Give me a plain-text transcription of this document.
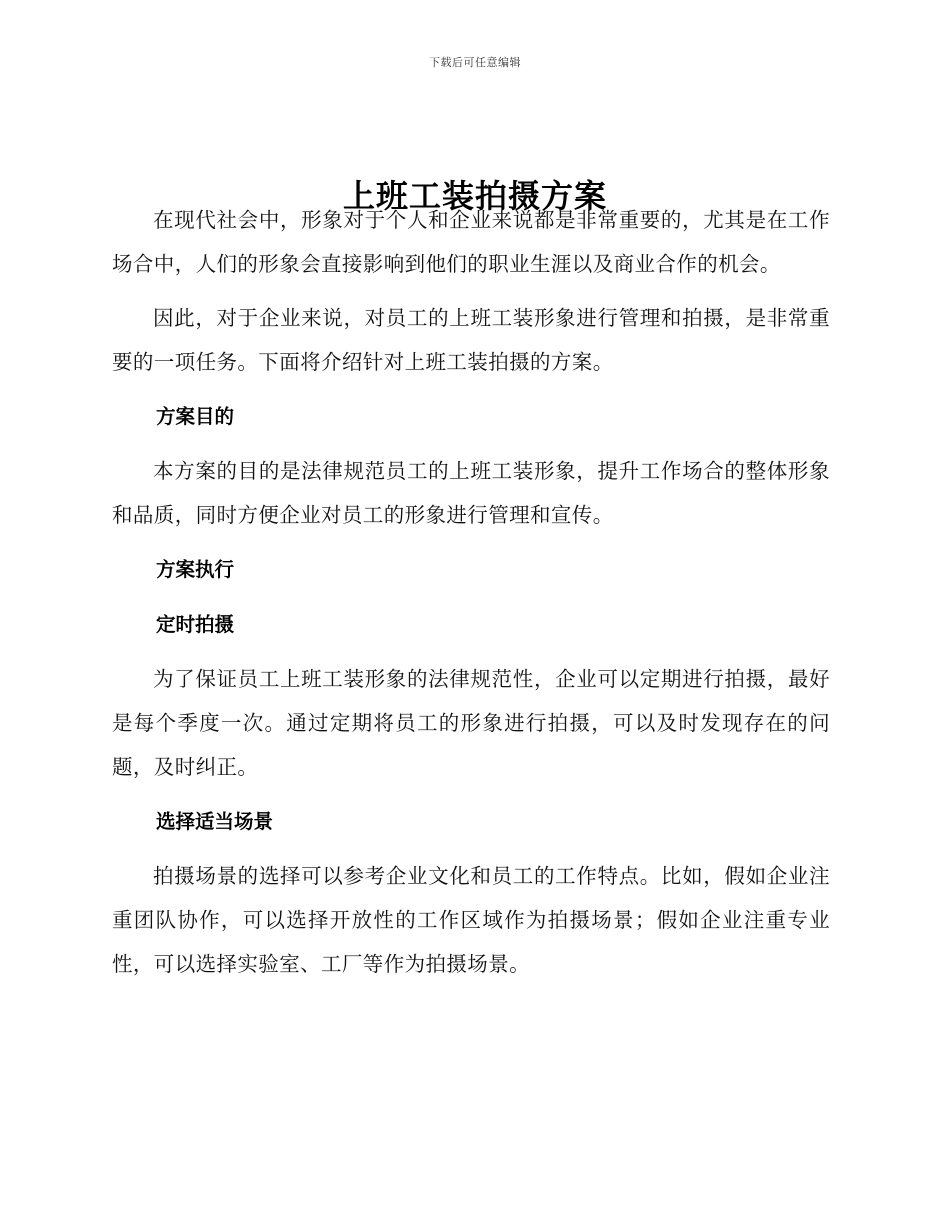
下载后可任意编辑
上班工装拍摄方案

在现代社会中，形象对于个人和企业来说都是非常重要的，尤其是在工作场合中，人们的形象会直接影响到他们的职业生涯以及商业合作的机会。

因此，对于企业来说，对员工的上班工装形象进行管理和拍摄，是非常重要的一项任务。下面将介绍针对上班工装拍摄的方案。

方案目的

本方案的目的是法律规范员工的上班工装形象，提升工作场合的整体形象和品质，同时方便企业对员工的形象进行管理和宣传。

方案执行
定时拍摄

为了保证员工上班工装形象的法律规范性，企业可以定期进行拍摄，最好是每个季度一次。通过定期将员工的形象进行拍摄，可以及时发现存在的问题，及时纠正。

选择适当场景

拍摄场景的选择可以参考企业文化和员工的工作特点。比如，假如企业注重团队协作，可以选择开放性的工作区域作为拍摄场景；假如企业注重专业性，可以选择实验室、工厂等作为拍摄场景。
